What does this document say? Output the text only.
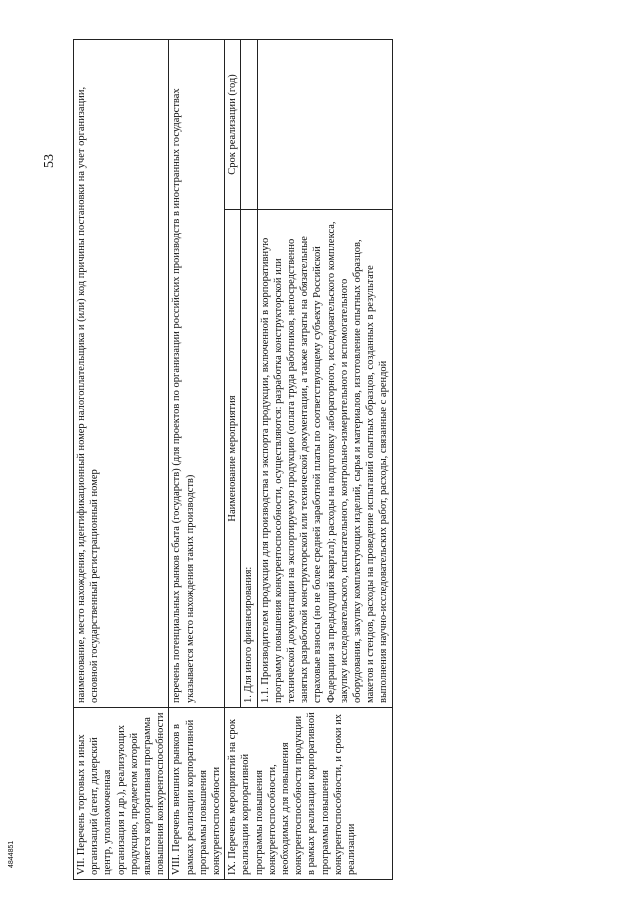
53
4844851	VII. Перечень торговых и иных организаций (агент, дилерский центр, уполномоченная организация и др.), реализующих продукцию, предметом которой является корпоративная программа повышения конкурентоспособности	наименование, место нахождения, идентификационный номер налогоплательщика и (или) код причины постановки на учет организации, основной государственный регистрационный номер	
VIII. Перечень внешних рынков в рамках реализации корпоративной программы повышения конкурентоспособности	перечень потенциальных рынков сбыта (государств) (для проектов по организации российских производств в иностранных государствах указывается место нахождения таких производств)	
IX. Перечень мероприятий на срок реализации корпоративной программы повышения конкурентоспособности, необходимых для повышения конкурентоспособности продукции в рамках реализации корпоративной программы повышения конкурентоспособности, и сроки их реализации	Наименование мероприятия	Срок реализации (год)
	1. Для иного финансирования:	
	1.1. Производителем продукции для производства и экспорта продукции, включенной в корпоративную программу повышения конкурентоспособности, осуществляются: разработка конструкторской или технической документации на экспортируемую продукцию (оплата труда работников, непосредственно занятых разработкой конструкторской или технической документации, а также затраты на обязательные страховые взносы (но не более средней заработной платы по соответствующему субъекту Российской Федерации за предыдущий квартал); расходы на подготовку лабораторного, исследовательского комплекса, закупку исследовательского, испытательного, контрольно-измерительного и вспомогательного оборудования, закупку комплектующих изделий, сырья и материалов, изготовление опытных образцов, макетов и стендов, расходы на проведение испытаний опытных образцов, созданных в результате выполнения научно-исследовательских работ, расходы, связанные с арендой	
